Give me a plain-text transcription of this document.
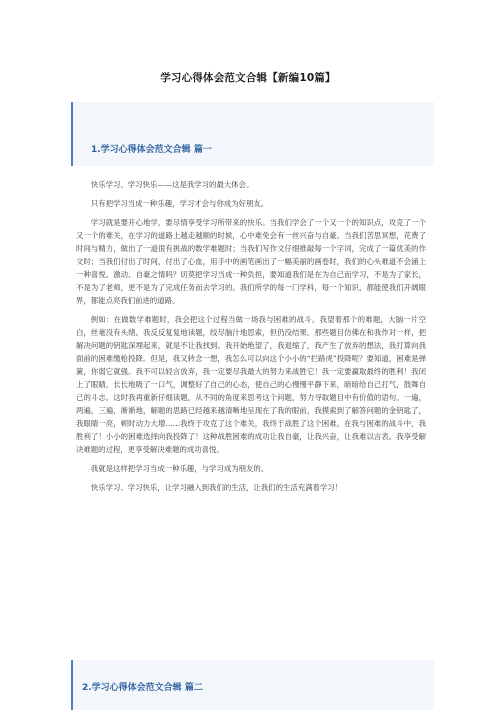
学习心得体会范文合辑【新编10篇】
1.学习心得体会范文合辑 篇一

快乐学习、学习快乐——这是我学习的最大体会。

只有把学习当成一种乐趣，学习才会与你成为好朋友。

学习就是要开心地学，要尽情享受学习所带来的快乐。当我们学会了一个又一个的知识点，攻克了一个又一个的难关，在学习的道路上越走越顺的时候，心中难免会有一丝兴奋与自豪。当我们苦思冥想，花费了时间与精力，做出了一道很有挑战的数学难题时；当我们写作文仔细推敲每一个字词，完成了一篇优美的作文时；当我们付出了时间，付出了心血，用手中的画笔画出了一幅美丽的画卷时，我们的心头难道不会涌上一种喜悦、激动、自豪之情吗？切莫把学习当成一种负担，要知道我们是在为自己而学习，不是为了家长，不是为了老师，更不是为了完成任务而去学习的。我们所学的每一门学科，每一个知识，都能使我们开阔眼界，都能点亮我们前进的道路。

例如：在做数学难题时，我会把这个过程当做一场我与困难的战斗。我望着那个的难题，大脑一片空白，丝毫没有头绪。我反反复复地读题，绞尽脑汁地思索，但仍没结果。那些题目仿佛在和我作对一样，把解决问题的钥匙深埋起来，就是不让我找到。我开始绝望了，我退缩了，我产生了放弃的想法，我打算向我面前的困难缴枪投降。但是，我又转念一想，我怎么可以向这个小小的“拦路虎”投降呢？要知道，困难是弹簧，你弱它就强。我不可以轻言放弃，我一定要尽我最大的努力来战胜它！我一定要赢取最终的胜利！我闭上了眼睛，长长地吸了一口气，调整好了自己的心态，使自己的心慢慢平静下来，暗暗给自己打气，鼓舞自己的斗志。这时我再重新仔细读题，从不同的角度来思考这个问题，努力寻取题目中有价值的语句。一遍，两遍，三遍，渐渐地，解题的思路已经越来越清晰地呈现在了我的眼前，我摸索到了解答问题的金钥匙了，我眼睛一亮，顿时动力大增……我终于攻克了这个难关，我终于战胜了这个困难。在我与困难的战斗中，我胜利了！小小的困难选择向我投降了！这种战胜困难的成功让我自豪，让我兴奋，让我难以言表。我享受解决难题的过程，更享受解决难题的成功喜悦。

我就是这样把学习当成一种乐趣，与学习成为朋友的。

快乐学习、学习快乐，让学习融入到我们的生活，让我们的生活充满着学习！

2.学习心得体会范文合辑 篇二
